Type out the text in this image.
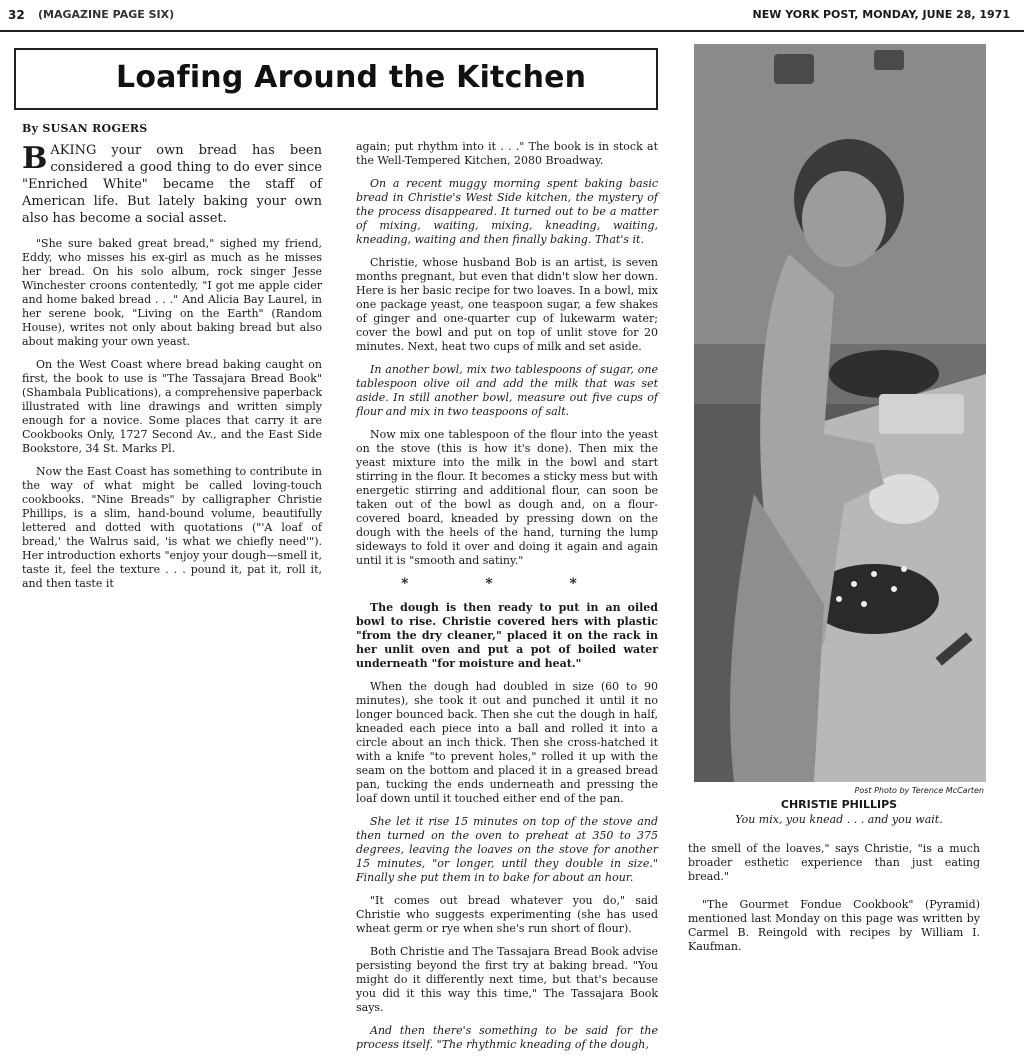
32 (MAGAZINE PAGE SIX)	NEW YORK POST, MONDAY, JUNE 28, 1971
Loafing Around the Kitchen
By SUSAN ROGERS
BAKING your own bread has been considered a good thing to do ever since "Enriched White" became the staff of American life. But lately baking your own also has become a social asset.

"She sure baked great bread," sighed my friend, Eddy, who misses his ex-girl as much as he misses her bread. On his solo album, rock singer Jesse Winchester croons contentedly, "I got me apple cider and home baked bread . . ." And Alicia Bay Laurel, in her serene book, "Living on the Earth" (Random House), writes not only about baking bread but also about making your own yeast.

On the West Coast where bread baking caught on first, the book to use is "The Tassajara Bread Book" (Shambala Publications), a comprehensive paperback illustrated with line drawings and written simply enough for a novice. Some places that carry it are Cookbooks Only, 1727 Second Av., and the East Side Bookstore, 34 St. Marks Pl.

Now the East Coast has something to contribute in the way of what might be called loving-touch cookbooks. "Nine Breads" by calligrapher Christie Phillips, is a slim, hand-bound volume, beautifully lettered and dotted with quotations ("'A loaf of bread,' the Walrus said, 'is what we chiefly need'"). Her introduction exhorts "enjoy your dough—smell it, taste it, feel the texture . . . pound it, pat it, roll it, and then taste it

again; put rhythm into it . . ." The book is in stock at the Well-Tempered Kitchen, 2080 Broadway.

On a recent muggy morning spent baking basic bread in Christie's West Side kitchen, the mystery of the process disappeared. It turned out to be a matter of mixing, waiting, mixing, kneading, waiting, kneading, waiting and then finally baking. That's it.

Christie, whose husband Bob is an artist, is seven months pregnant, but even that didn't slow her down. Here is her basic recipe for two loaves. In a bowl, mix one package yeast, one teaspoon sugar, a few shakes of ginger and one-quarter cup of lukewarm water; cover the bowl and put on top of unlit stove for 20 minutes. Next, heat two cups of milk and set aside.

In another bowl, mix two tablespoons of sugar, one tablespoon olive oil and add the milk that was set aside. In still another bowl, measure out five cups of flour and mix in two teaspoons of salt.

Now mix one tablespoon of the flour into the yeast on the stove (this is how it's done). Then mix the yeast mixture into the milk in the bowl and start stirring in the flour. It becomes a sticky mess but with energetic stirring and additional flour, can soon be taken out of the bowl as dough and, on a flour-covered board, kneaded by pressing down on the dough with the heels of the hand, turning the lump sideways to fold it over and doing it again and again until it is "smooth and satiny."

* * *

The dough is then ready to put in an oiled bowl to rise. Christie covered hers with plastic "from the dry cleaner," placed it on the rack in her unlit oven and put a pot of boiled water underneath "for moisture and heat."

When the dough had doubled in size (60 to 90 minutes), she took it out and punched it until it no longer bounced back. Then she cut the dough in half, kneaded each piece into a ball and rolled it into a circle about an inch thick. Then she cross-hatched it with a knife "to prevent holes," rolled it up with the seam on the bottom and placed it in a greased bread pan, tucking the ends underneath and pressing the loaf down until it touched either end of the pan.

She let it rise 15 minutes on top of the stove and then turned on the oven to preheat at 350 to 375 degrees, leaving the loaves on the stove for another 15 minutes, "or longer, until they double in size." Finally she put them in to bake for about an hour.

"It comes out bread whatever you do," said Christie who suggests experimenting (she has used wheat germ or rye when she's run short of flour).

Both Christie and The Tassajara Bread Book advise persisting beyond the first try at baking bread. "You might do it differently next time, but that's because you did it this way this time," The Tassajara Book says.

And then there's something to be said for the process itself. "The rhythmic kneading of the dough,

Post Photo by Terence McCarten
CHRISTIE PHILLIPS
You mix, you knead . . . and you wait.

the smell of the loaves," says Christie, "is a much broader esthetic experience than just eating bread."

"The Gourmet Fondue Cookbook" (Pyramid) mentioned last Monday on this page was written by Carmel B. Reingold with recipes by William I. Kaufman.
